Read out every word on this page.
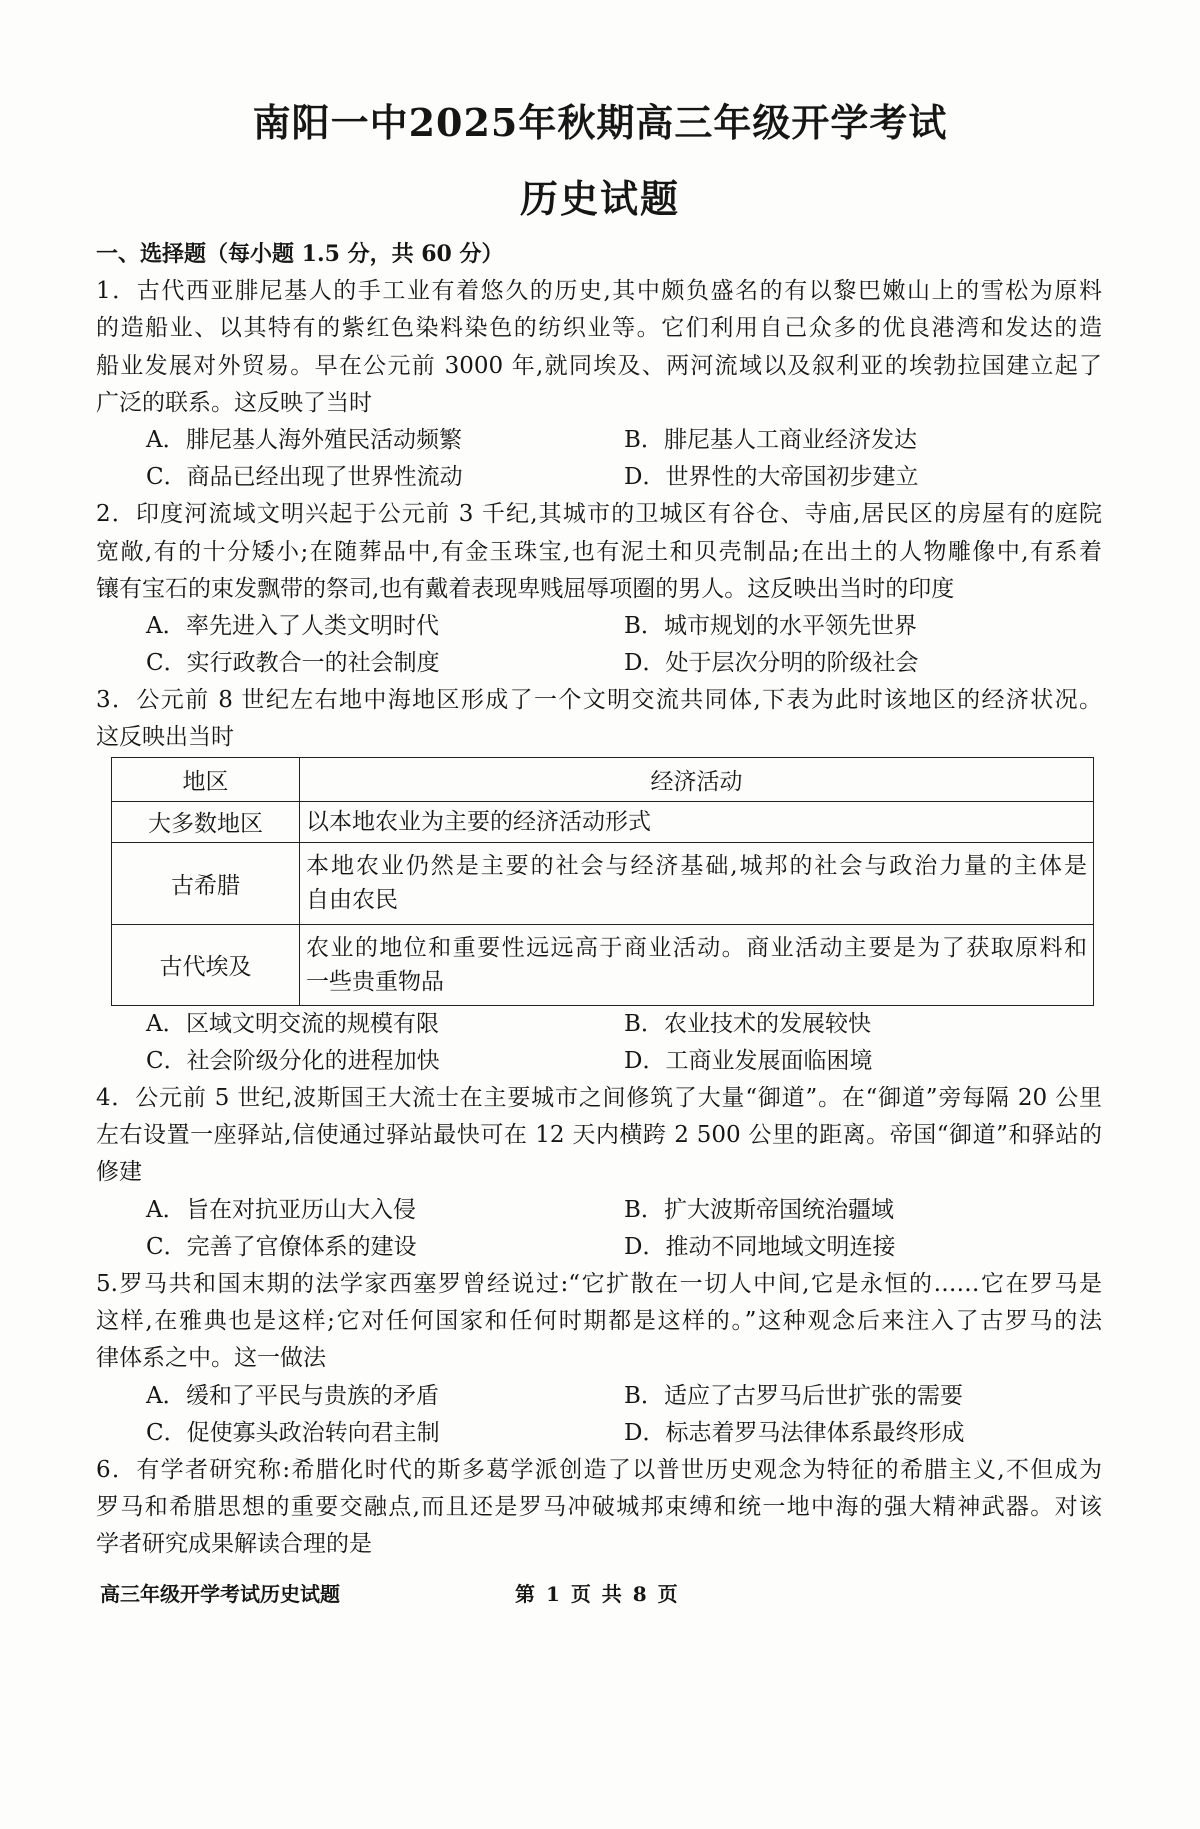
南阳一中2025年秋期高三年级开学考试
历史试题
一、选择题（每小题 1.5 分，共 60 分）
1．古代西亚腓尼基人的手工业有着悠久的历史,其中颇负盛名的有以黎巴嫩山上的雪松为原料
的造船业、以其特有的紫红色染料染色的纺织业等。它们利用自己众多的优良港湾和发达的造
船业发展对外贸易。早在公元前 3000 年,就同埃及、两河流域以及叙利亚的埃勃拉国建立起了
广泛的联系。这反映了当时
A．腓尼基人海外殖民活动频繁	B．腓尼基人工商业经济发达
C．商品已经出现了世界性流动	D．世界性的大帝国初步建立
2．印度河流域文明兴起于公元前 3 千纪,其城市的卫城区有谷仓、寺庙,居民区的房屋有的庭院
宽敞,有的十分矮小;在随葬品中,有金玉珠宝,也有泥土和贝壳制品;在出土的人物雕像中,有系着
镶有宝石的束发飘带的祭司,也有戴着表现卑贱屈辱项圈的男人。这反映出当时的印度
A．率先进入了人类文明时代	B．城市规划的水平领先世界
C．实行政教合一的社会制度	D．处于层次分明的阶级社会
3．公元前 8 世纪左右地中海地区形成了一个文明交流共同体,下表为此时该地区的经济状况。
这反映出当时
地区	经济活动
大多数地区	以本地农业为主要的经济活动形式

古希腊	本地农业仍然是主要的社会与经济基础,城邦的社会与政治力量的主体是
自由农民

古代埃及	农业的地位和重要性远远高于商业活动。商业活动主要是为了获取原料和
一些贵重物品
A．区域文明交流的规模有限	B．农业技术的发展较快
C．社会阶级分化的进程加快	D．工商业发展面临困境
4．公元前 5 世纪,波斯国王大流士在主要城市之间修筑了大量“御道”。在“御道”旁每隔 20 公里
左右设置一座驿站,信使通过驿站最快可在 12 天内横跨 2 500 公里的距离。帝国“御道”和驿站的
修建
A．旨在对抗亚历山大入侵	B．扩大波斯帝国统治疆域
C．完善了官僚体系的建设	D．推动不同地域文明连接
5.罗马共和国末期的法学家西塞罗曾经说过:“它扩散在一切人中间,它是永恒的……它在罗马是
这样,在雅典也是这样;它对任何国家和任何时期都是这样的。”这种观念后来注入了古罗马的法
律体系之中。这一做法
A．缓和了平民与贵族的矛盾	B．适应了古罗马后世扩张的需要
C．促使寡头政治转向君主制	D．标志着罗马法律体系最终形成
6．有学者研究称:希腊化时代的斯多葛学派创造了以普世历史观念为特征的希腊主义,不但成为
罗马和希腊思想的重要交融点,而且还是罗马冲破城邦束缚和统一地中海的强大精神武器。对该
学者研究成果解读合理的是
高三年级开学考试历史试题	第 1 页 共 8 页
